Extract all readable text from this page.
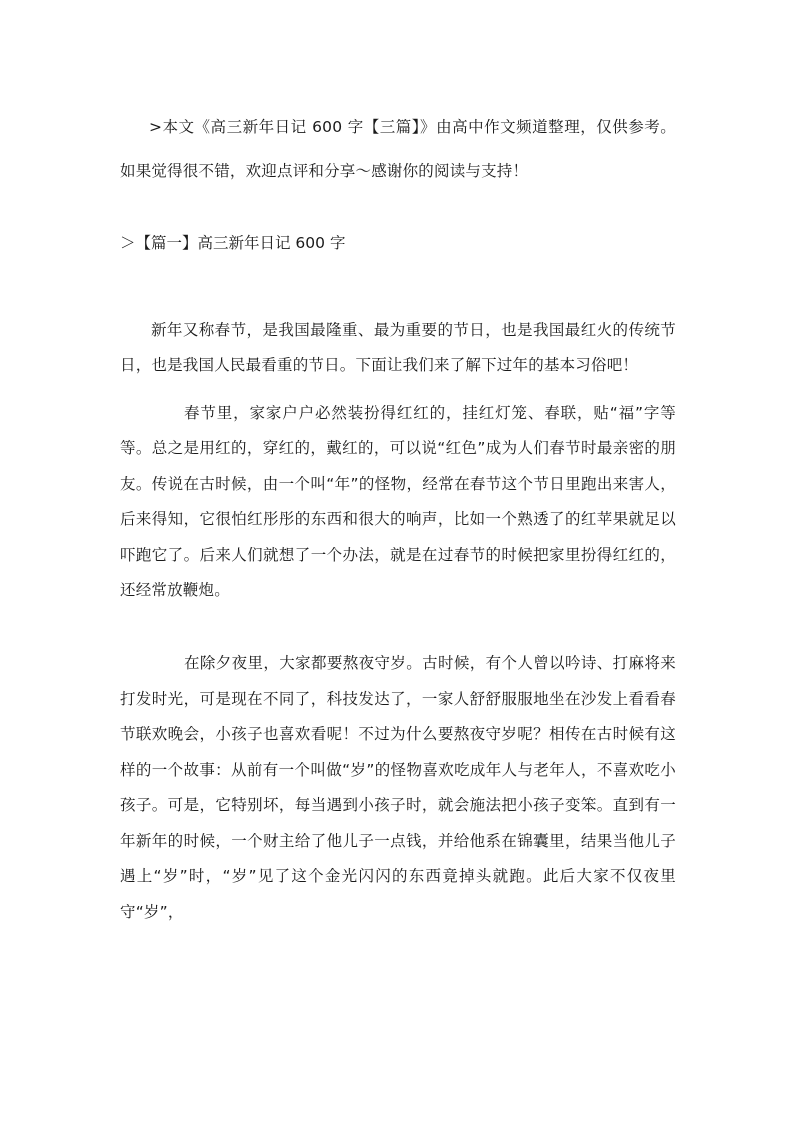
>本文《高三新年日记 600 字【三篇】》由高中作文频道整理，仅供参考。如果觉得很不错，欢迎点评和分享～感谢你的阅读与支持！

＞【篇一】高三新年日记 600 字

新年又称春节，是我国最隆重、最为重要的节日，也是我国最红火的传统节日，也是我国人民最看重的节日。下面让我们来了解下过年的基本习俗吧！

春节里，家家户户必然装扮得红红的，挂红灯笼、春联，贴“福”字等等。总之是用红的，穿红的，戴红的，可以说“红色”成为人们春节时最亲密的朋友。传说在古时候，由一个叫“年”的怪物，经常在春节这个节日里跑出来害人，后来得知，它很怕红彤彤的东西和很大的响声，比如一个熟透了的红苹果就足以吓跑它了。后来人们就想了一个办法，就是在过春节的时候把家里扮得红红的，还经常放鞭炮。

在除夕夜里，大家都要熬夜守岁。古时候，有个人曾以吟诗、打麻将来打发时光，可是现在不同了，科技发达了，一家人舒舒服服地坐在沙发上看看春节联欢晚会，小孩子也喜欢看呢！不过为什么要熬夜守岁呢？相传在古时候有这样的一个故事：从前有一个叫做“岁”的怪物喜欢吃成年人与老年人，不喜欢吃小孩子。可是，它特别坏，每当遇到小孩子时，就会施法把小孩子变笨。直到有一年新年的时候，一个财主给了他儿子一点钱，并给他系在锦囊里，结果当他儿子遇上“岁”时，“岁”见了这个金光闪闪的东西竟掉头就跑。此后大家不仅夜里守“岁”，
